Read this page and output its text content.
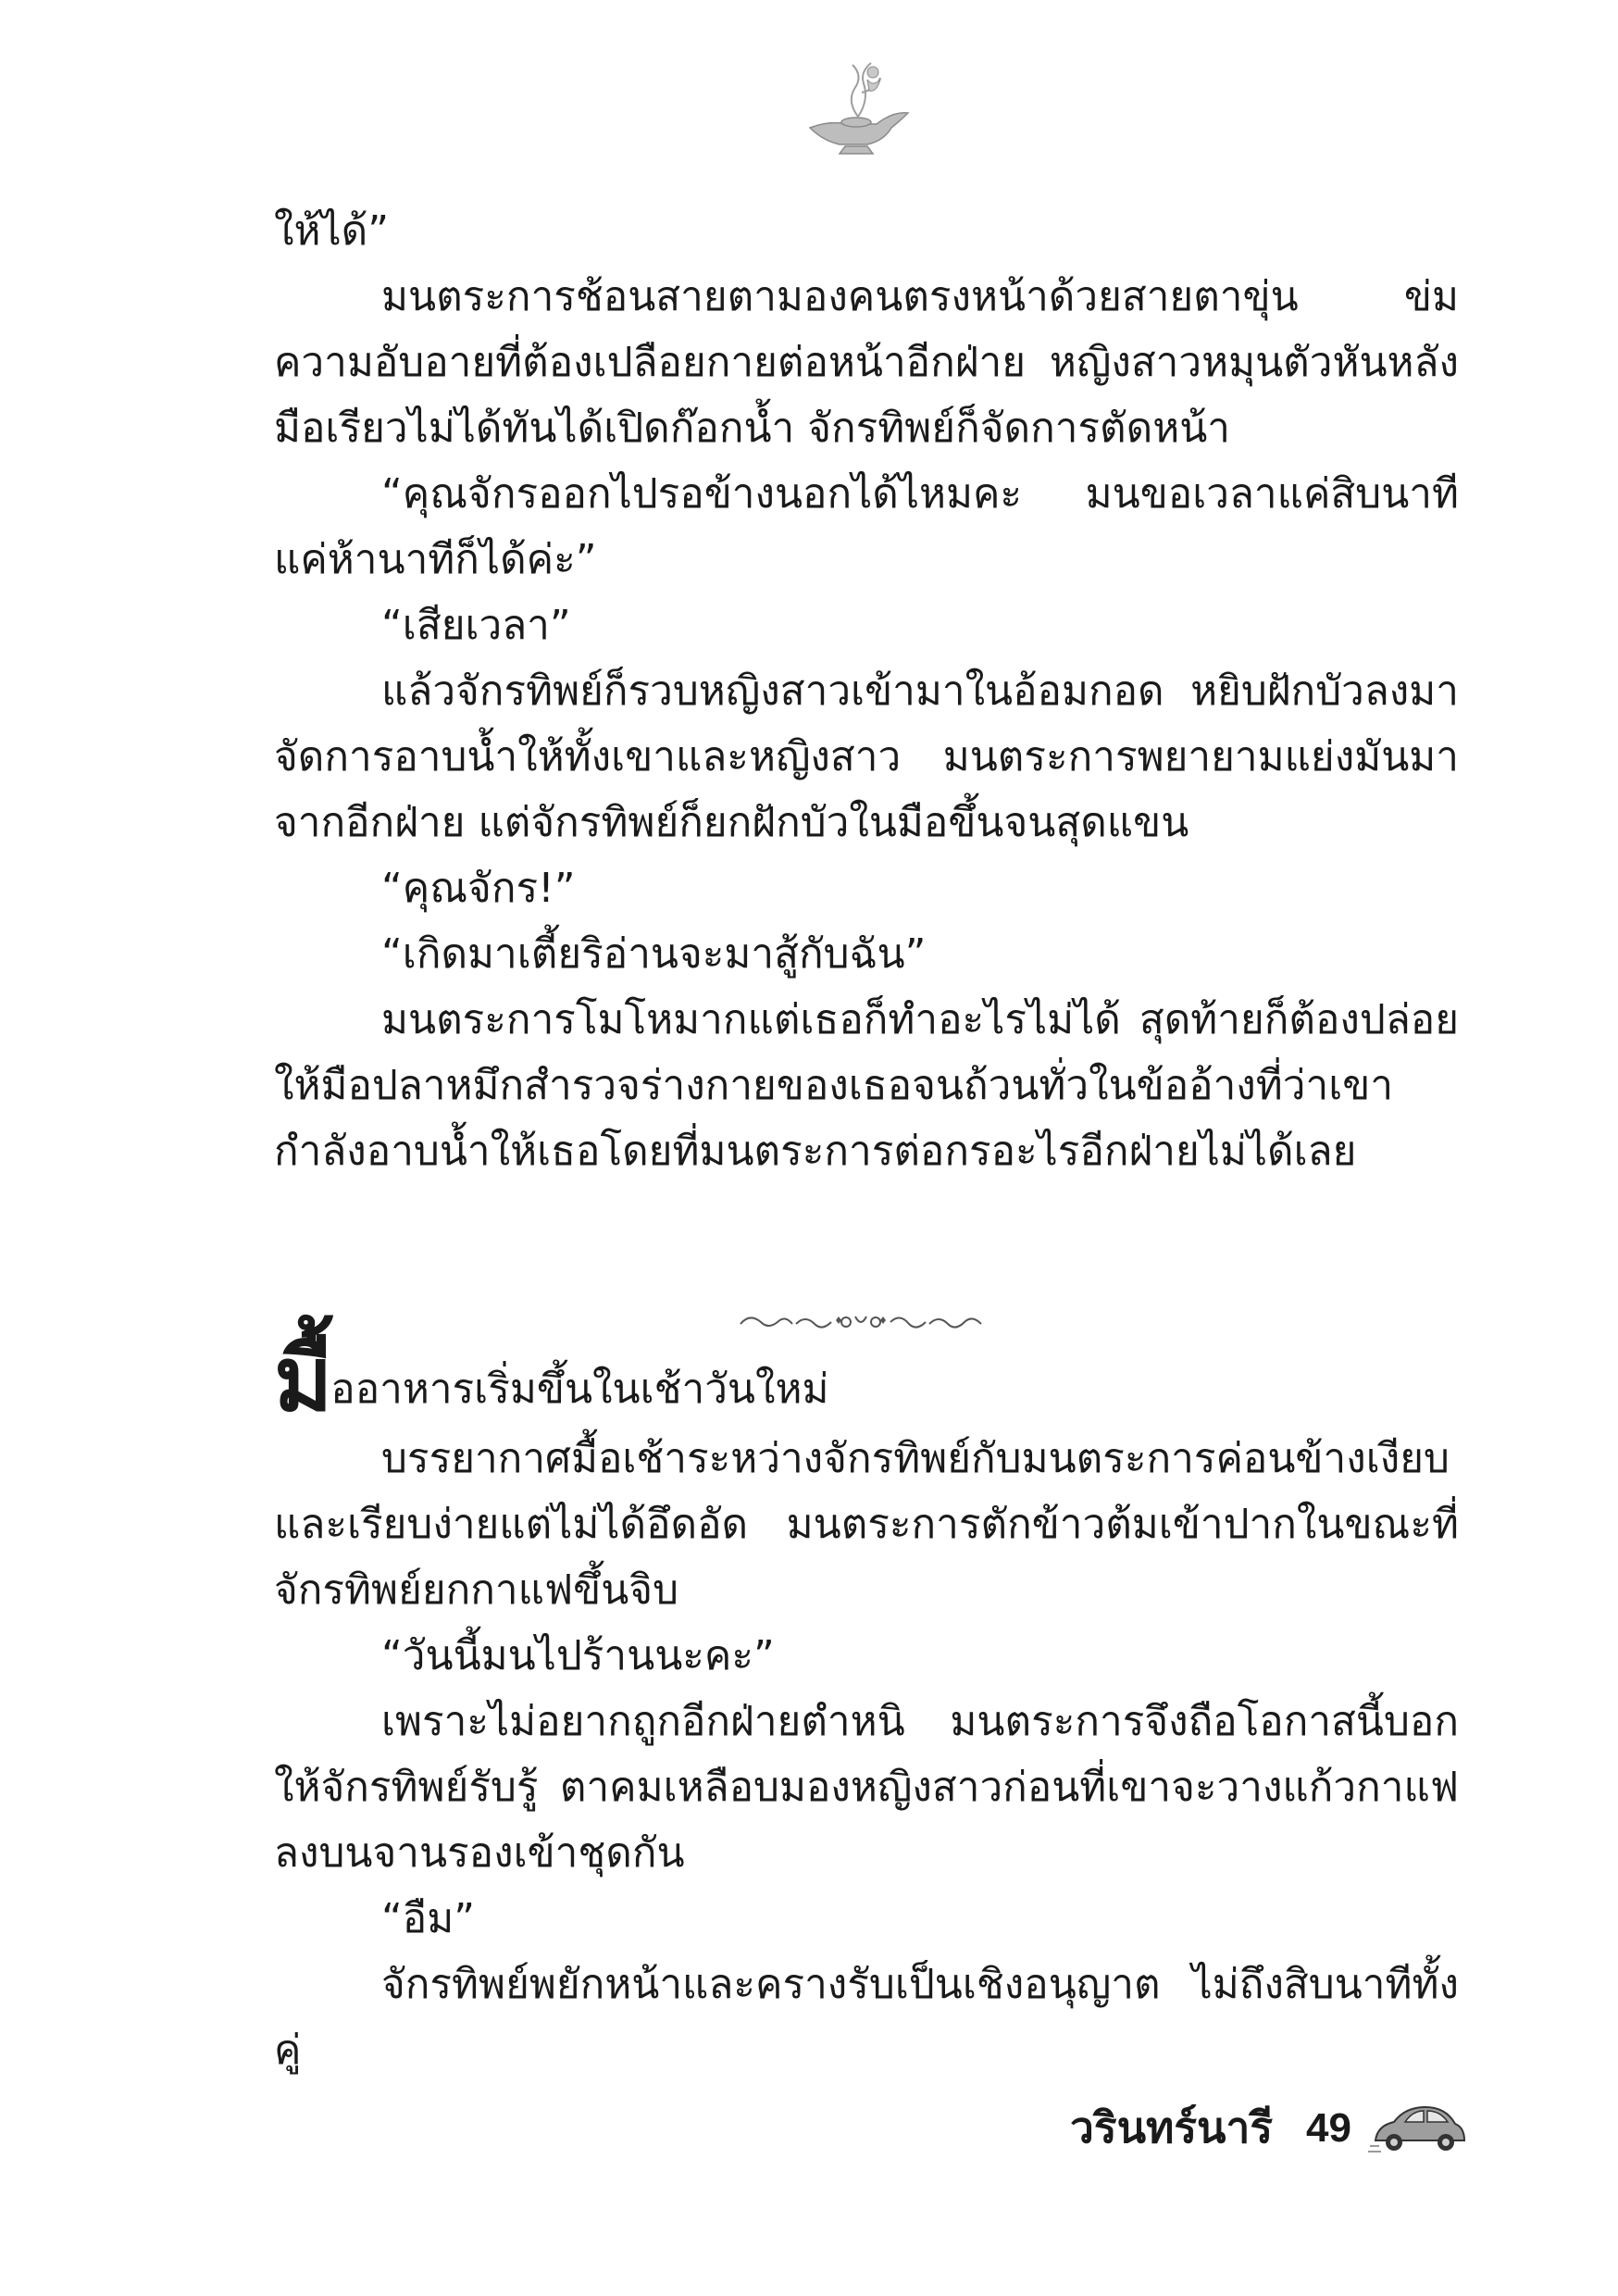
ให้ได้”

มนตระการช้อนสายตามองคนตรงหน้าด้วยสายตาขุ่น ข่มความอับอายที่ต้องเปลือยกายต่อหน้าอีกฝ่าย หญิงสาวหมุนตัวหันหลัง มือเรียวไม่ได้ทันได้เปิดก๊อกน้ำ จักรทิพย์ก็จัดการตัดหน้า

“คุณจักรออกไปรอข้างนอกได้ไหมคะ มนขอเวลาแค่สิบนาทีแค่ห้านาทีก็ได้ค่ะ”

“เสียเวลา”

แล้วจักรทิพย์ก็รวบหญิงสาวเข้ามาในอ้อมกอด หยิบฝักบัวลงมาจัดการอาบน้ำให้ทั้งเขาและหญิงสาว มนตระการพยายามแย่งมันมาจากอีกฝ่าย แต่จักรทิพย์ก็ยกฝักบัวในมือขึ้นจนสุดแขน

“คุณจักร!”

“เกิดมาเตี้ยริอ่านจะมาสู้กับฉัน”

มนตระการโมโหมากแต่เธอก็ทำอะไรไม่ได้ สุดท้ายก็ต้องปล่อยให้มือปลาหมึกสำรวจร่างกายของเธอจนถ้วนทั่วในข้ออ้างที่ว่าเขากำลังอาบน้ำให้เธอโดยที่มนตระการต่อกรอะไรอีกฝ่ายไม่ได้เลย

มื้ออาหารเริ่มขึ้นในเช้าวันใหม่

บรรยากาศมื้อเช้าระหว่างจักรทิพย์กับมนตระการค่อนข้างเงียบและเรียบง่ายแต่ไม่ได้อึดอัด มนตระการตักข้าวต้มเข้าปากในขณะที่จักรทิพย์ยกกาแฟขึ้นจิบ

“วันนี้มนไปร้านนะคะ”

เพราะไม่อยากถูกอีกฝ่ายตำหนิ มนตระการจึงถือโอกาสนี้บอกให้จักรทิพย์รับรู้ ตาคมเหลือบมองหญิงสาวก่อนที่เขาจะวางแก้วกาแฟลงบนจานรองเข้าชุดกัน

“อืม”

จักรทิพย์พยักหน้าและครางรับเป็นเชิงอนุญาต ไม่ถึงสิบนาทีทั้งคู่

วรินทร์นารี 49
